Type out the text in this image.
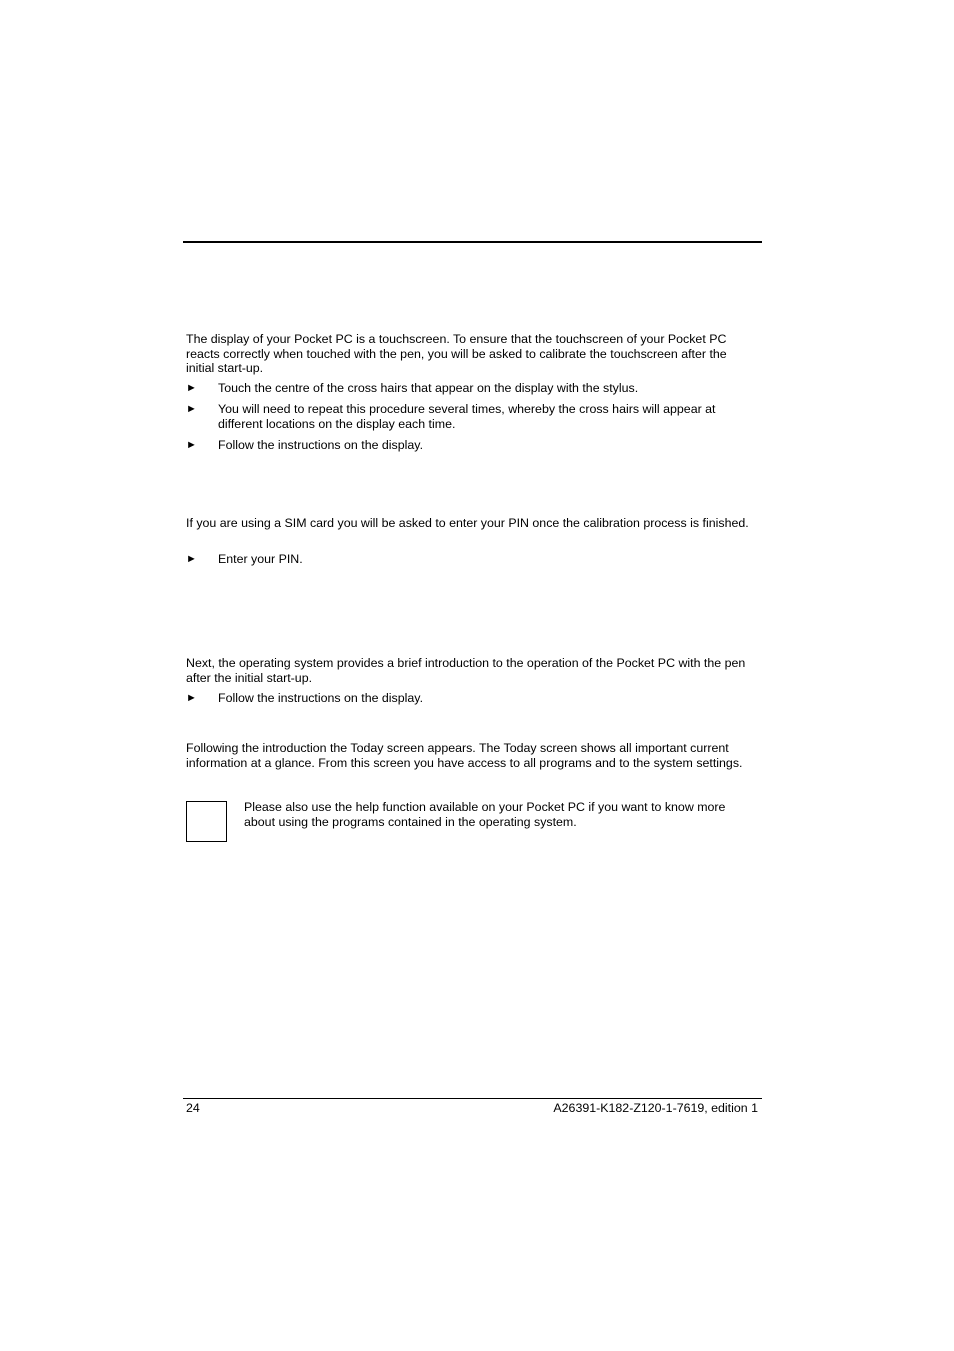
The display of your Pocket PC is a touchscreen. To ensure that the touchscreen of your Pocket PC reacts correctly when touched with the pen, you will be asked to calibrate the touchscreen after the initial start-up.

► Touch the centre of the cross hairs that appear on the display with the stylus.
► You will need to repeat this procedure several times, whereby the cross hairs will appear at different locations on the display each time.
► Follow the instructions on the display.

If you are using a SIM card you will be asked to enter your PIN once the calibration process is finished.

► Enter your PIN.

Next, the operating system provides a brief introduction to the operation of the Pocket PC with the pen after the initial start-up.

► Follow the instructions on the display.

Following the introduction the Today screen appears. The Today screen shows all important current information at a glance. From this screen you have access to all programs and to the system settings.

Please also use the help function available on your Pocket PC if you want to know more about using the programs contained in the operating system.
24	A26391-K182-Z120-1-7619, edition 1
